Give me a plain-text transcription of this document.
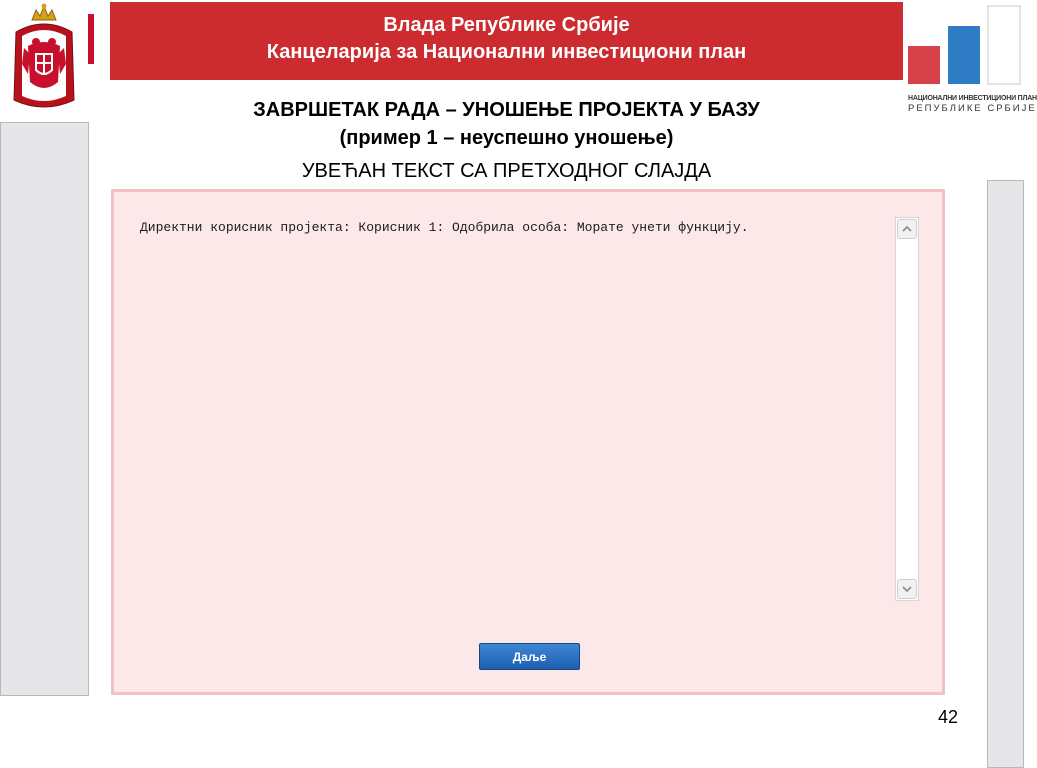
Влада Републике Србије
Канцеларија за Национални инвестициони план
НАЦИОНАЛНИ ИНВЕСТИЦИОНИ ПЛАН
РЕПУБЛИКЕ СРБИЈЕ
ЗАВРШЕТАК РАДА – УНОШЕЊЕ ПРОЈЕКТА У БАЗУ
(пример 1 – неуспешно уношење)
УВЕЋАН ТЕКСТ СА ПРЕТХОДНОГ СЛАЈДА
Директни корисник пројекта: Корисник 1: Одобрила особа: Морате унети функцију.
Даље
42
